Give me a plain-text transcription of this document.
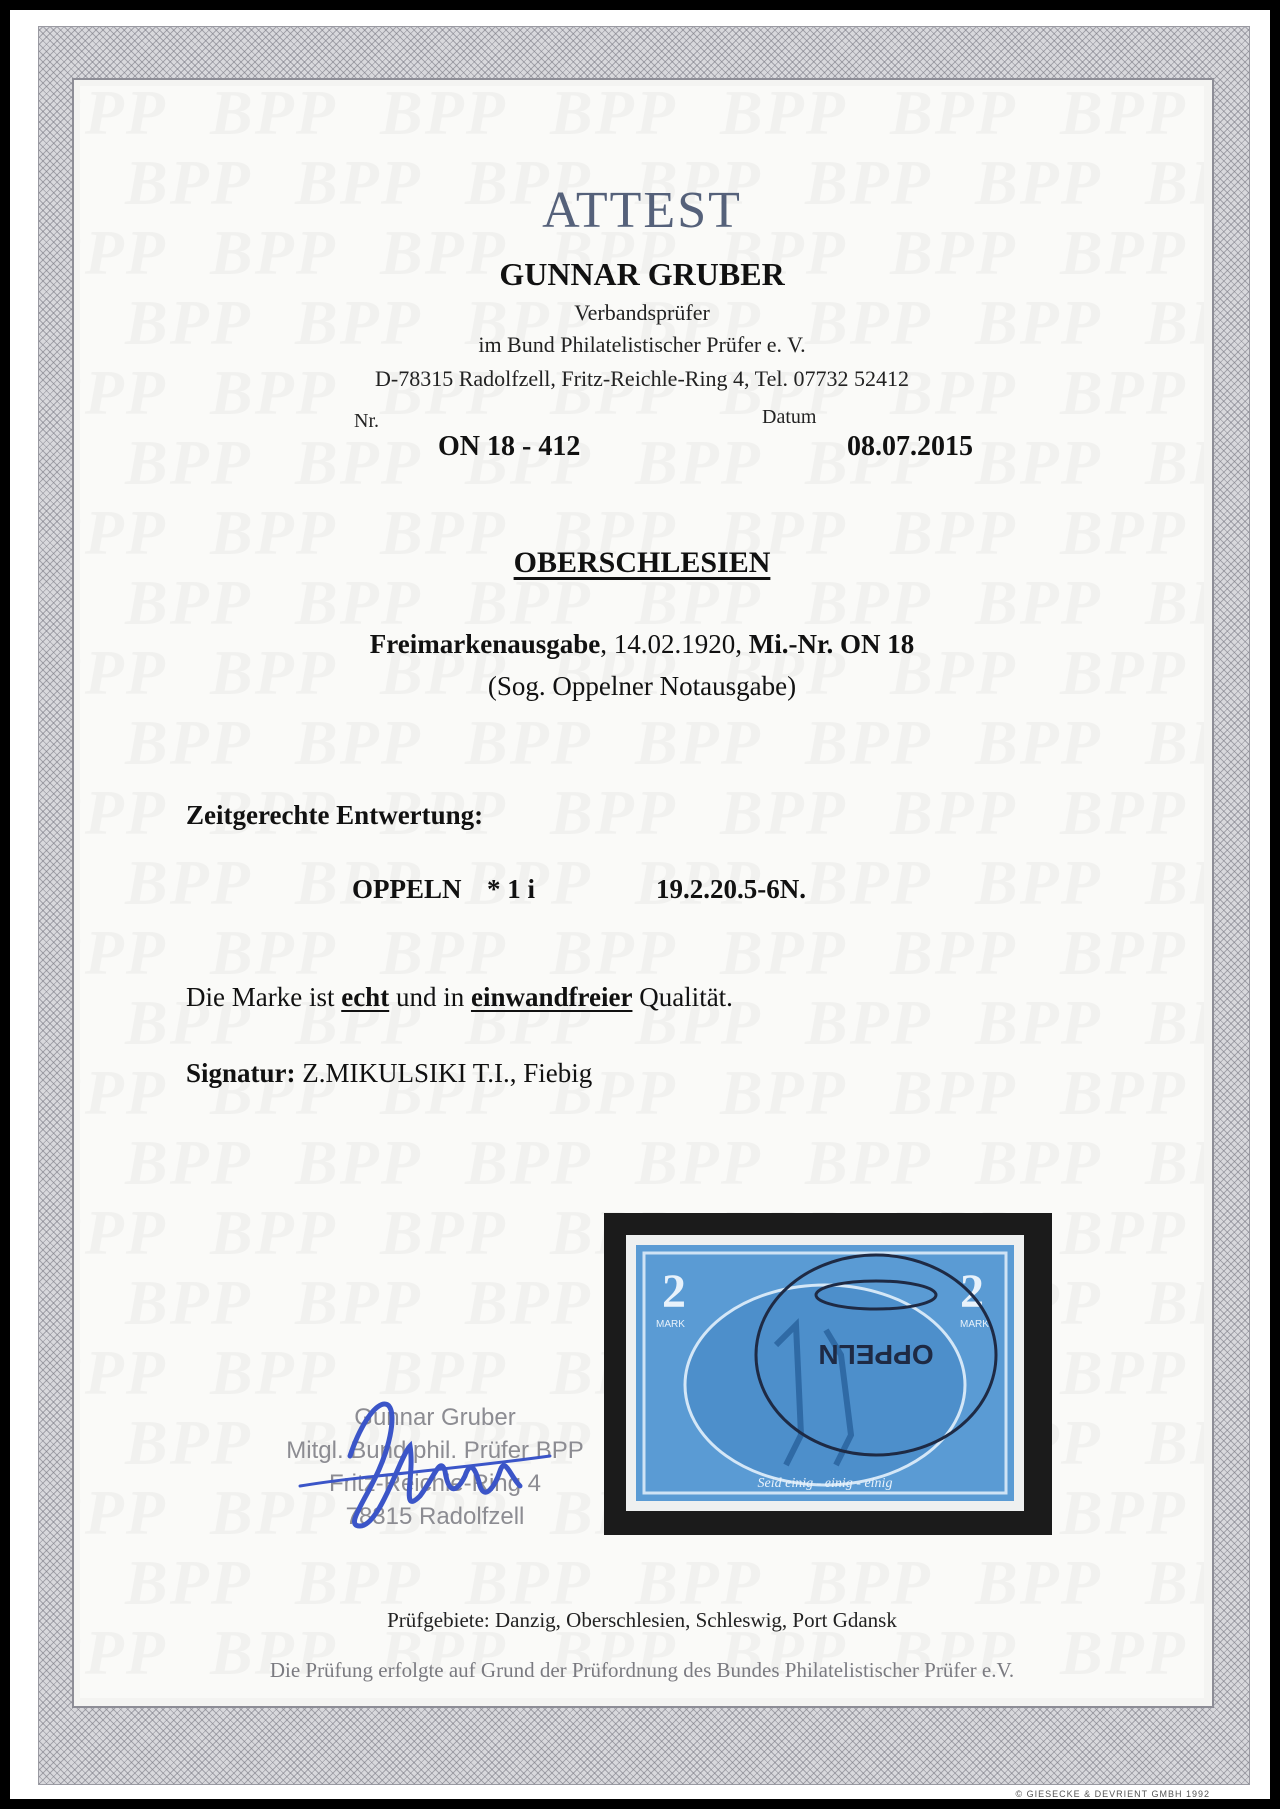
ATTEST
GUNNAR GRUBER
Verbandsprüfer
im Bund Philatelistischer Prüfer e. V.
D-78315 Radolfzell, Fritz-Reichle-Ring 4, Tel. 07732 52412
Nr.
ON 18 - 412
Datum
08.07.2015
OBERSCHLESIEN
Freimarkenausgabe, 14.02.1920, Mi.-Nr. ON 18
(Sog. Oppelner Notausgabe)
Zeitgerechte Entwertung:
OPPELN * 1 i	19.2.20.5-6N.
Die Marke ist echt und in einwandfreier Qualität.
Signatur: Z.MIKULSIKI T.I., Fiebig
Gunnar Gruber
Mitgl. Bund phil. Prüfer BPP
Fritz-Reichle-Ring 4
78315 Radolfzell
2	2
MARK	MARK
Seid einig - einig - einig
OPPELN
Prüfgebiete: Danzig, Oberschlesien, Schleswig, Port Gdansk
Die Prüfung erfolgte auf Grund der Prüfordnung des Bundes Philatelistischer Prüfer e.V.
© GIESECKE & DEVRIENT GMBH 1992
